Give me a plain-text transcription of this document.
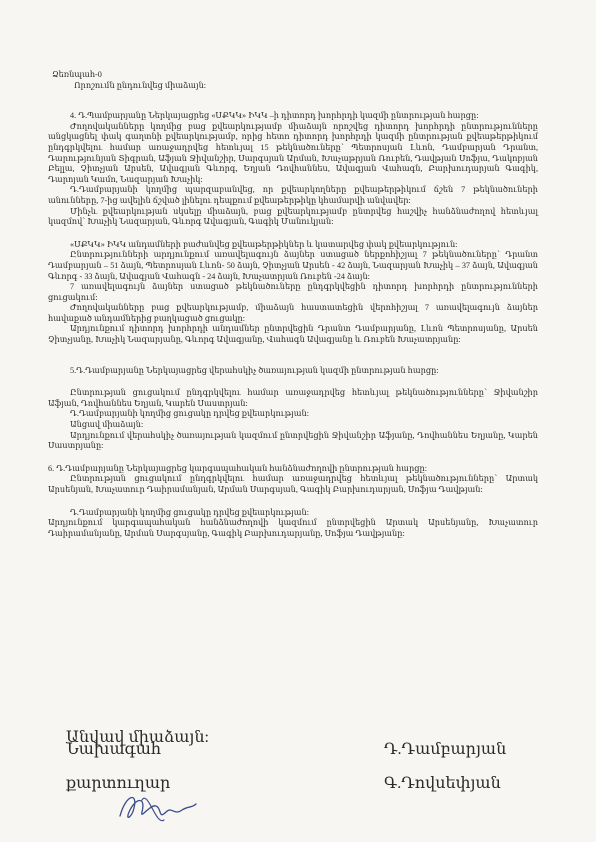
Ձեռնպահ-0

Որոշումն ընդունվեց միաձայն:

4. Դ.Պամբարյանը Ներկայացրեց «ՍՔԿԿ» ԻԿԿ –ի դիտորդ խորհրդի կազմի ընտրության հարցը:

Ժողովականները կողմից բաց քվեարկությամբ միաձայն որոշվեց դիտորդ խորհրդի ընտրությունները անցկացնել փակ գաղտնի քվեարկությամբ, որից հետո դիտորդ խորհրդի կազմի ընտրության քվեաթերթիկում ընդգրկվելու համար առաջադրվեց հետևյալ 15 թեկնածուները՝ Պետրոսյան Լևոն, Դամբարյան Դրանտ, Դարությունյան Տիգրան, Աֆյան Ջիվանշիր, Սարգսյան Արման, Խաչաթրյան Ռուբեն, Դավթյան Սոֆյա, Դակոբյան Բելլա, Չիտչյան Արսեն, Ավագյան Գևորգ, Եղյան Դովհաննես, Ավագյան Վահագն, Բարխուդարյան Գագիկ, Դարոյան Կամո, Նազարյան Խաչիկ:

Դ.Դամբարյանի կողմից պարզաբանվեց, որ քվեարկողները քվեաթերթիկում ճշեն 7 թեկնածուների անունները, 7-ից ավելին ճշված լինելու դեպքում քվեաթերթիկը կհամարվի անվավեր:

Մինչև քվեարկության սկսելը միաձայն, բաց քվեարկությամբ ընտրվեց հաշվիչ հանձնաժողով հետևյալ կազմով՝ Խաչիկ Նազարյան, Գևորգ Ավագյան, Գագիկ Մանուկյան:

«ՍՔԿԿ» ԻԿԿ անդամների բաժանվեց քվեաթերթիկներ և կատարվեց փակ քվեարկություն:

Ընտրությունների արդյունքում առավելագույն ձայներ ստացած ներքոհիշյալ 7 թեկնածուները՝ Դրանտ Դամբարյան – 51 ձայն, Պետրոսյան Լևոն- 50 ձայն, Չիտչյան Արսեն - 42 ձայն, Նազարյան Խաչիկ – 37 ձայն, Ավագյան Գևորգ - 33 ձայն, Ավագյան Վահագն - 24 ձայն, Խաչատրյան Ռուբեն -24 ձայն:

7 առավելագույն ձայներ ստացած թեկնածուները ընդգրկվեցին դիտորդ խորհրդի ընտրությունների ցուցակում:

Ժողովականները բաց քվեարկությամբ, միաձայն հաստատեցին վերոհիշյալ 7 առավելագույն ձայներ հավաքած անդամներից բաղկացած ցուցակը:

Արդյունքում դիտորդ խորհրդի անդամներ ընտրվեցին Դրանտ Դամբարյանը, Լևոն Պետրոսյանը, Արսեն Չիտչյանը, Խաչիկ Նազարյանը, Գևորգ Ավագյանը, Վահագն Ավագյանը և Ռուբեն Խաչատրյանը:

5.Դ.Դամբարյանը Ներկայացրեց վերահսկիչ ծառայության կազմի ընտրության հարցը:

Ընտրության ցուցակում ընդգրկվելու համար առաջադրվեց հետևյալ թեկնածությունները՝ Ջիվանշիր Աֆյան, Դովհաննես Եղյան, Կարեն Սաստրյան:

Դ.Դամբարյանի կողմից ցուցակը դրվեց քվեարկության:

Անցավ միաձայն:

Արդյունքում վերահսկիչ ծառայության կազմում ընտրվեցին Ջիվանշիր Աֆյանը, Դովհաննես Եղյանը, Կարեն Սաստրյանը:

6. Դ.Դամբարյանը Ներկայացրեց կարգապահական հանձնաժողովի ընտրության հարցը:

Ընտրության ցուցակում ընդգրկվելու համար առաջադրվեց հետևյալ թեկնածությունները՝ Արտակ Արսենյան, Խաչատուր Դաիրամանյան, Արման Սարգսյան, Գագիկ Բարխուդարյան, Սոֆյա Դավթյան:

Դ.Դամբարյանի կողմից ցուցակը դրվեց քվեարկության:

Արդյունքում կարգապահական հանձնաժողովի կազմում ընտրվեցին Արտակ Արսենյանը, Խաչատուր Դաիրամանյանը, Արման Սարգսյանը, Գագիկ Բարխուդարյանը, Սոֆյա Դավթյանը:

Անվավ միաձայն:
Նախագահ	Դ.Դամբարյան
քարտուղար	Գ.Դովսեփյան
